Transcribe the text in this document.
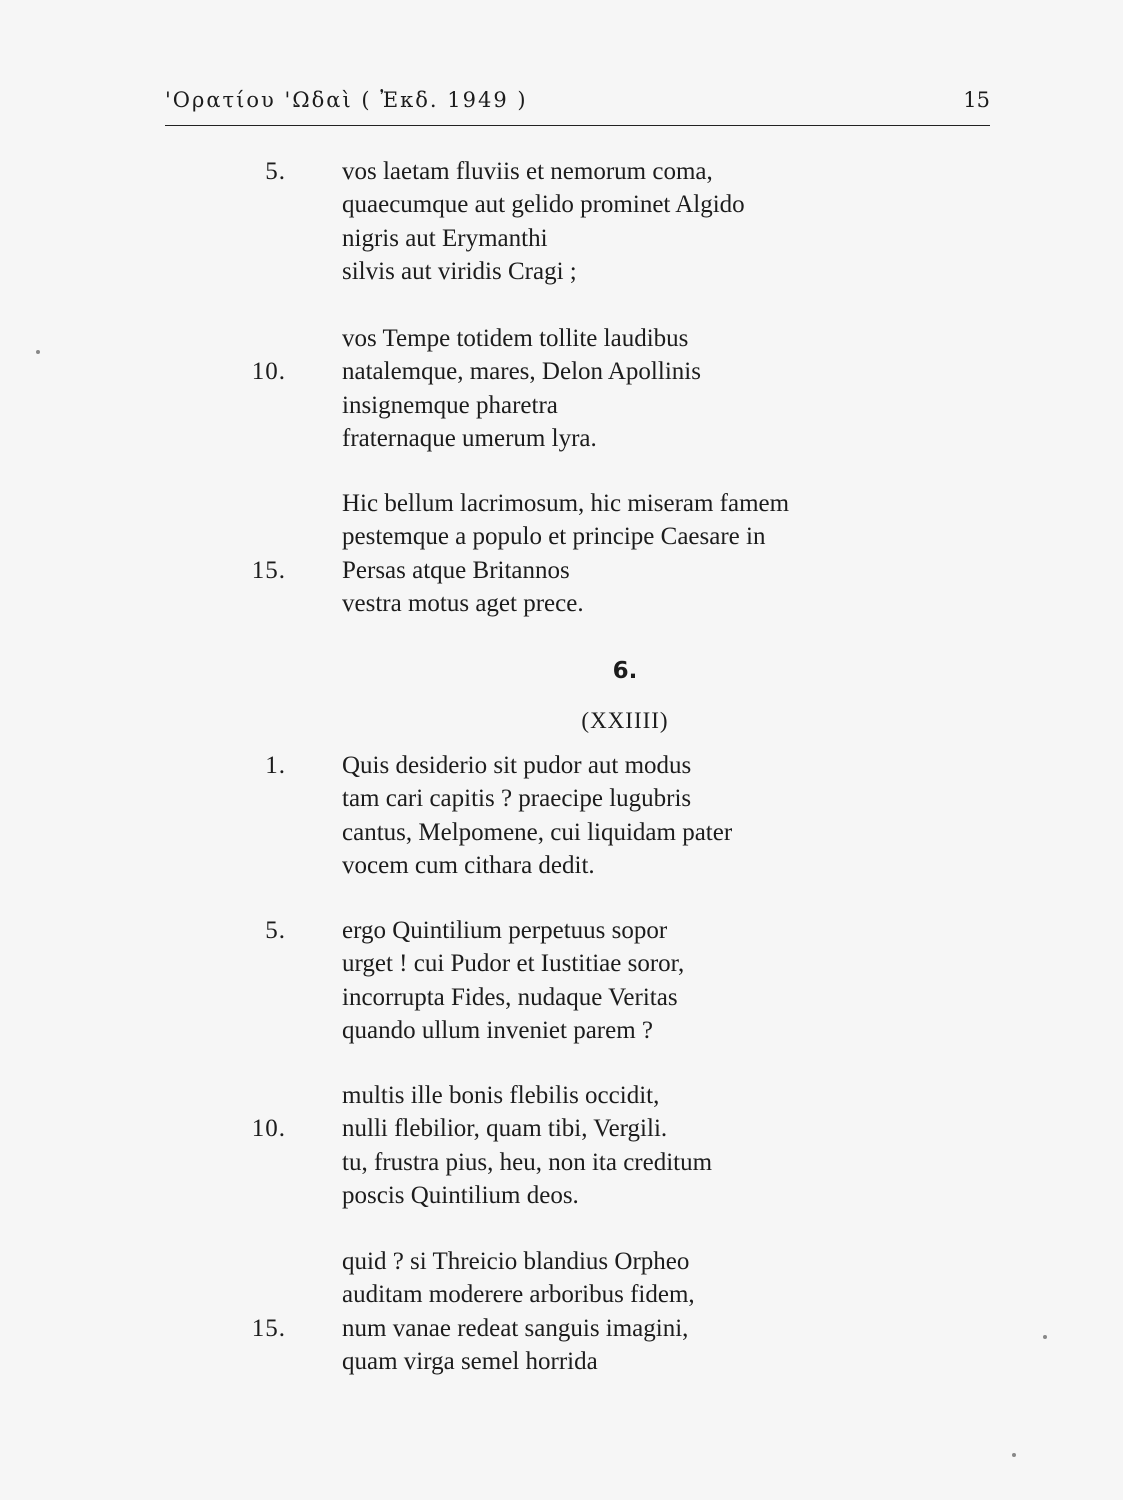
'Ορατίου 'Ωδαὶ ( Ἐκδ. 1949 )	15
5. vos laetam fluviis et nemorum coma,
quaecumque aut gelido prominet Algido
nigris aut Erymanthi
silvis aut viridis Cragi ;
vos Tempe totidem tollite laudibus
10. natalemque, mares, Delon Apollinis
insignemque pharetra
fraternaque umerum lyra.
Hic bellum lacrimosum, hic miseram famem
pestemque a populo et principe Caesare in
15. Persas atque Britannos
vestra motus aget prece.
6.
(XXIIII)
1. Quis desiderio sit pudor aut modus
tam cari capitis ? praecipe lugubris
cantus, Melpomene, cui liquidam pater
vocem cum cithara dedit.
5. ergo Quintilium perpetuus sopor
urget ! cui Pudor et Iustitiae soror,
incorrupta Fides, nudaque Veritas
quando ullum inveniet parem ?
multis ille bonis flebilis occidit,
10. nulli flebilior, quam tibi, Vergili.
tu, frustra pius, heu, non ita creditum
poscis Quintilium deos.
quid ? si Threicio blandius Orpheo
auditam moderere arboribus fidem,
15. num vanae redeat sanguis imagini,
quam virga semel horrida
